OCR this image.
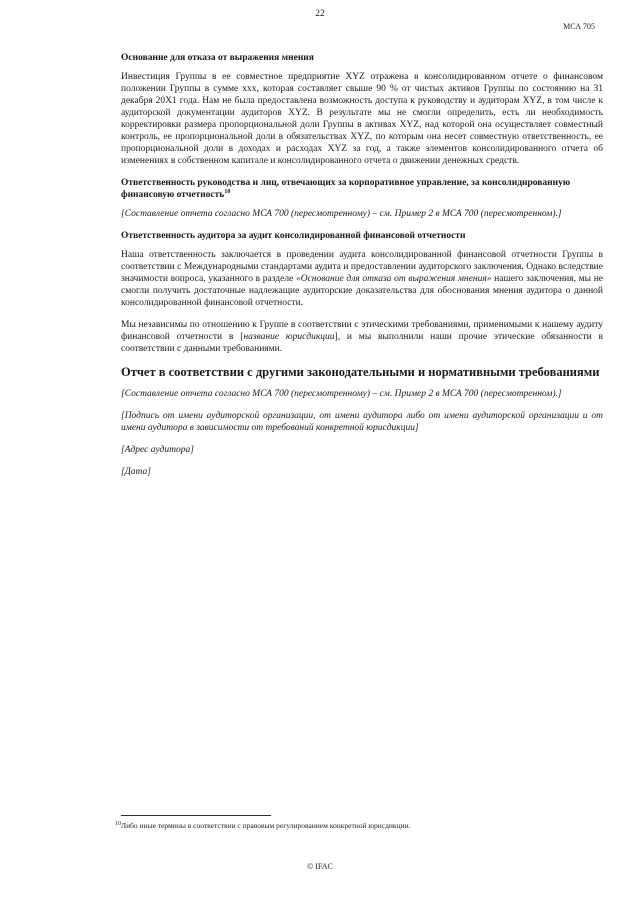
22
МСА 705

Основание для отказа от выражения мнения

Инвестиция Группы в ее совместное предприятие XYZ отражена в консолидированном отчете о финансовом положении Группы в сумме ххх, которая составляет свыше 90 % от чистых активов Группы по состоянию на 31 декабря 20X1 года. Нам не была предоставлена возможность доступа к руководству и аудиторам XYZ, в том числе к аудиторской документации аудиторов XYZ. В результате мы не смогли определить, есть ли необходимость корректировки размера пропорциональной доли Группы в активах XYZ, над которой она осуществляет совместный контроль, ее пропорциональной доли в обязательствах XYZ, по которым она несет совместную ответственность, ее пропорциональной доли в доходах и расходах XYZ за год, а также элементов консолидированного отчета об изменениях в собственном капитале и консолидированного отчета о движении денежных средств.

Ответственность руководства и лиц, отвечающих за корпоративное управление, за консолидированную финансовую отчетность$^{10}$

[Составление отчета согласно МСА 700 (пересмотренному) – см. Пример 2 в МСА 700 (пересмотренном).]

Ответственность аудитора за аудит консолидированной финансовой отчетности

Наша ответственность заключается в проведении аудита консолидированной финансовой отчетности Группы в соответствии с Международными стандартами аудита и предоставлении аудиторского заключения. Однако вследствие значимости вопроса, указанного в разделе «Основание для отказа от выражения мнения» нашего заключения, мы не смогли получить достаточные надлежащие аудиторские доказательства для обоснования мнения аудитора о данной консолидированной финансовой отчетности.

Мы независимы по отношению к Группе в соответствии с этическими требованиями, применимыми к нашему аудиту финансовой отчетности в [название юрисдикции], и мы выполнили наши прочие этические обязанности в соответствии с данными требованиями.

Отчет в соответствии с другими законодательными и нормативными требованиями

[Составление отчета согласно МСА 700 (пересмотренному) – см. Пример 2 в МСА 700 (пересмотренном).]

[Подпись от имени аудиторской организации, от имени аудитора либо от имени аудиторской организации и от имени аудитора в зависимости от требований конкретной юрисдикции]

[Адрес аудитора]

[Дата]

10 Либо иные термины в соответствии с правовым регулированием конкретной юрисдикции.
© IFAC
